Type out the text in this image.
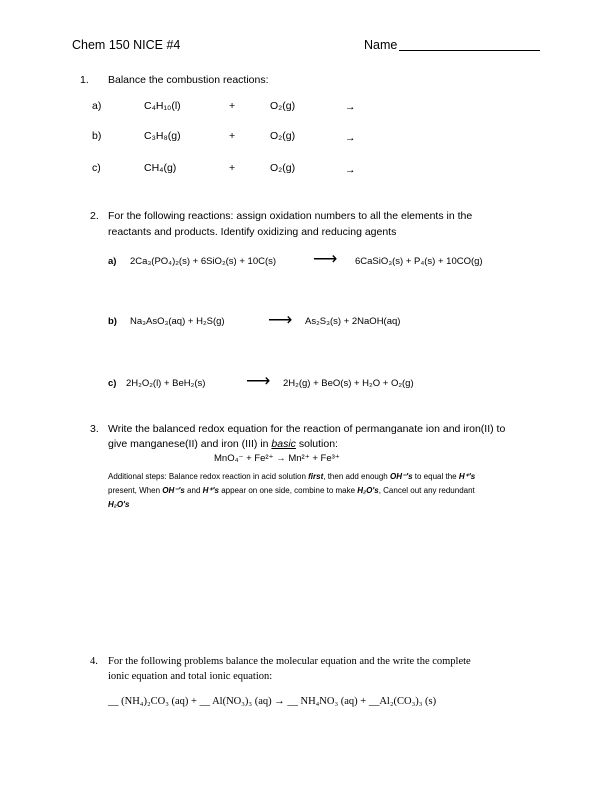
Chem 150 NICE #4	Name
1. Balance the combustion reactions:
a)	C₄H₁₀(l)	+	O₂(g)	→
b)	C₃H₈(g)	+	O₂(g)	→
c)	CH₄(g)	+	O₂(g)	→
2. For the following reactions: assign oxidation numbers to all the elements in the
reactants and products. Identify oxidizing and reducing agents
a) 2Ca₃(PO₄)₂(s) + 6SiO₂(s) + 10C(s) ⟶ 6CaSiO₃(s) + P₄(s) + 10CO(g)
b) Na₃AsO₃(aq) + H₂S(g)	⟶ As₂S₃(s) + 2NaOH(aq)
c) 2H₂O₂(l) + BeH₂(s) ⟶ 2H₂(g) + BeO(s) + H₂O + O₂(g)
3. Write the balanced redox equation for the reaction of permanganate ion and iron(II) to
give manganese(II) and iron (III) in basic solution:
MnO₄⁻ + Fe²⁺ → Mn²⁺ + Fe³⁺
Additional steps: Balance redox reaction in acid solution first, then add enough OH⁻'s to equal the H⁺'s
present, When OH⁻'s and H⁺'s appear on one side, combine to make H₂O's, Cancel out any redundant
H₂O's
4. For the following problems balance the molecular equation and the write the complete
ionic equation and total ionic equation:
__ (NH₄)₂CO₃ (aq) + __ Al(NO₃)₃ (aq) → __ NH₄NO₃ (aq) + __Al₂(CO₃)₃ (s)
